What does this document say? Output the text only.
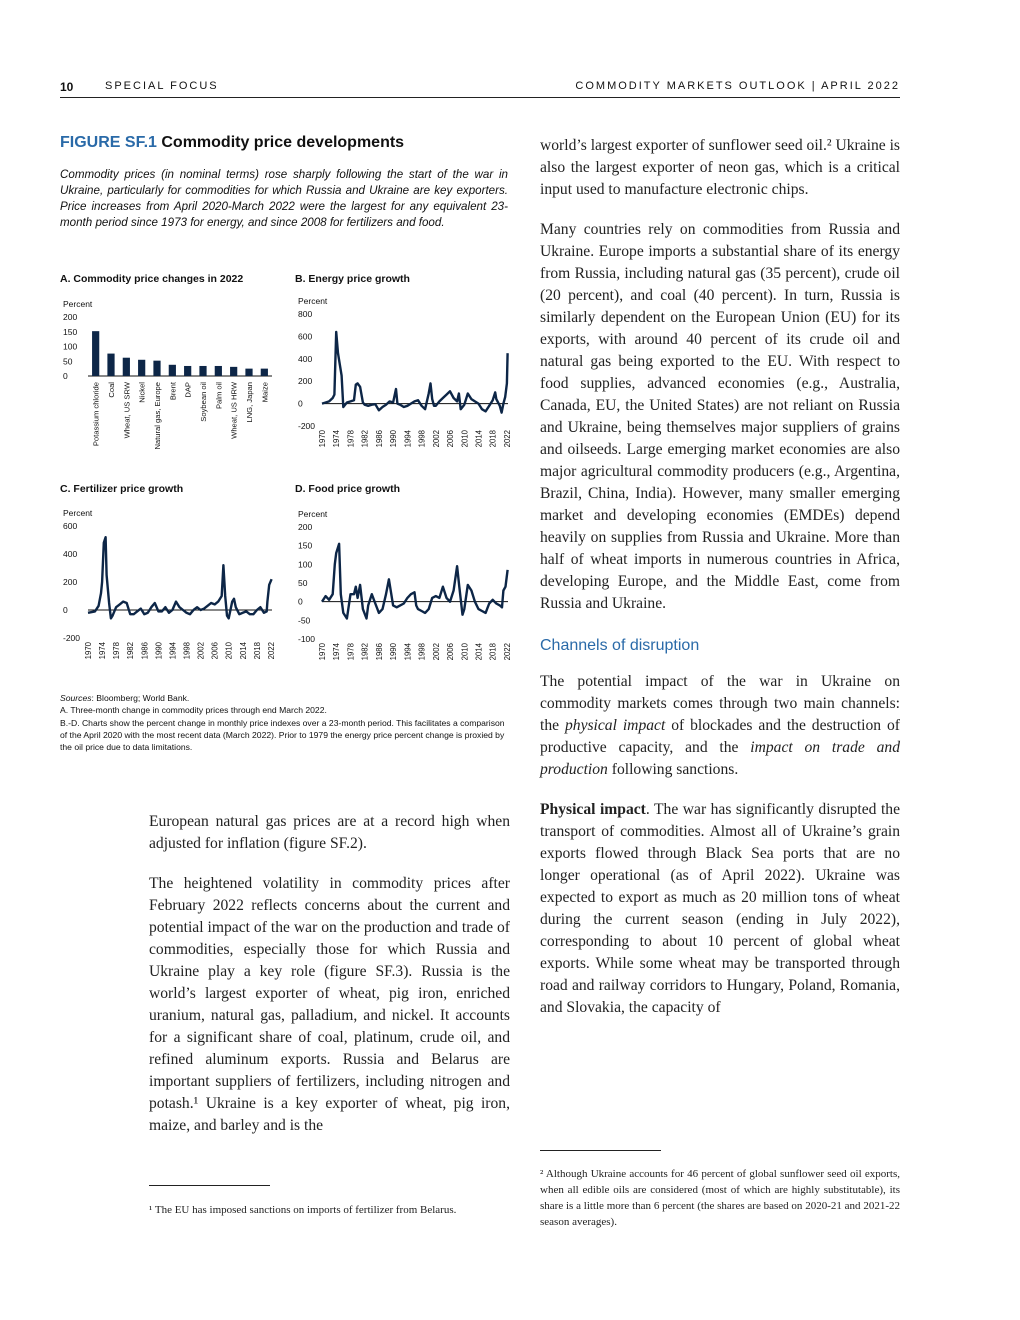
10	SPECIAL FOCUS	COMMODITY MARKETS OUTLOOK | APRIL 2022
FIGURE SF.1 Commodity price developments
Commodity prices (in nominal terms) rose sharply following the start of the war in Ukraine, particularly for commodities for which Russia and Ukraine are key exporters. Price increases from April 2020-March 2022 were the largest for any equivalent 23-month period since 1973 for energy, and since 2008 for fertilizers and food.
A. Commodity price changes in 2022	B. Energy price growth
C. Fertilizer price growth	D. Food price growth
Percent
0
50
100
150
200
Potassium chloride Coal Wheat, US SRW Nickel Natural gas, Europe Brent DAP Soybean oil Palm oil Wheat, US HRW LNG, Japan Maize
Percent
-200
0
200
400
600
800
1970 1974 1978 1982 1986 1990 1994 1998 2002 2006 2010 2014 2018 2022
Percent
-200
0
200
400
600
1970 1974 1978 1982 1986 1990 1994 1998 2002 2006 2010 2014 2018 2022
Percent
-100
-50
0
50
100
150
200
1970 1974 1978 1982 1986 1990 1994 1998 2002 2006 2010 2014 2018 2022
Sources: Bloomberg; World Bank.
A. Three-month change in commodity prices through end March 2022.
B.-D. Charts show the percent change in monthly price indexes over a 23-month period. This facilitates a comparison of the April 2020 with the most recent data (March 2022). Prior to 1979 the energy price percent change is proxied by the oil price due to data limitations.

European natural gas prices are at a record high when adjusted for inflation (figure SF.2).

The heightened volatility in commodity prices after February 2022 reflects concerns about the current and potential impact of the war on the production and trade of commodities, especially those for which Russia and Ukraine play a key role (figure SF.3). Russia is the world’s largest exporter of wheat, pig iron, enriched uranium, natural gas, palladium, and nickel. It accounts for a significant share of coal, platinum, crude oil, and refined aluminum exports. Russia and Belarus are important suppliers of fertilizers, including nitrogen and potash.¹ Ukraine is a key exporter of wheat, pig iron, maize, and barley and is the

¹ The EU has imposed sanctions on imports of fertilizer from Belarus.

world’s largest exporter of sunflower seed oil.² Ukraine is also the largest exporter of neon gas, which is a critical input used to manufacture electronic chips.

Many countries rely on commodities from Russia and Ukraine. Europe imports a substantial share of its energy from Russia, including natural gas (35 percent), crude oil (20 percent), and coal (40 percent). In turn, Russia is similarly dependent on the European Union (EU) for its exports, with around 40 percent of its crude oil and natural gas being exported to the EU. With respect to food supplies, advanced economies (e.g., Australia, Canada, EU, the United States) are not reliant on Russia and Ukraine, being themselves major suppliers of grains and oilseeds. Large emerging market economies are also major agricultural commodity producers (e.g., Argentina, Brazil, China, India). However, many smaller emerging market and developing economies (EMDEs) depend heavily on supplies from Russia and Ukraine. More than half of wheat imports in numerous countries in Africa, developing Europe, and the Middle East, come from Russia and Ukraine.

Channels of disruption

The potential impact of the war in Ukraine on commodity markets comes through two main channels: the physical impact of blockades and the destruction of productive capacity, and the impact on trade and production following sanctions.

Physical impact. The war has significantly disrupted the transport of commodities. Almost all of Ukraine’s grain exports flowed through Black Sea ports that are no longer operational (as of April 2022). Ukraine was expected to export as much as 20 million tons of wheat during the current season (ending in July 2022), corresponding to about 10 percent of global wheat exports. While some wheat may be transported through road and railway corridors to Hungary, Poland, Romania, and Slovakia, the capacity of

² Although Ukraine accounts for 46 percent of global sunflower seed oil exports, when all edible oils are considered (most of which are highly substitutable), its share is a little more than 6 percent (the shares are based on 2020-21 and 2021-22 season averages).
